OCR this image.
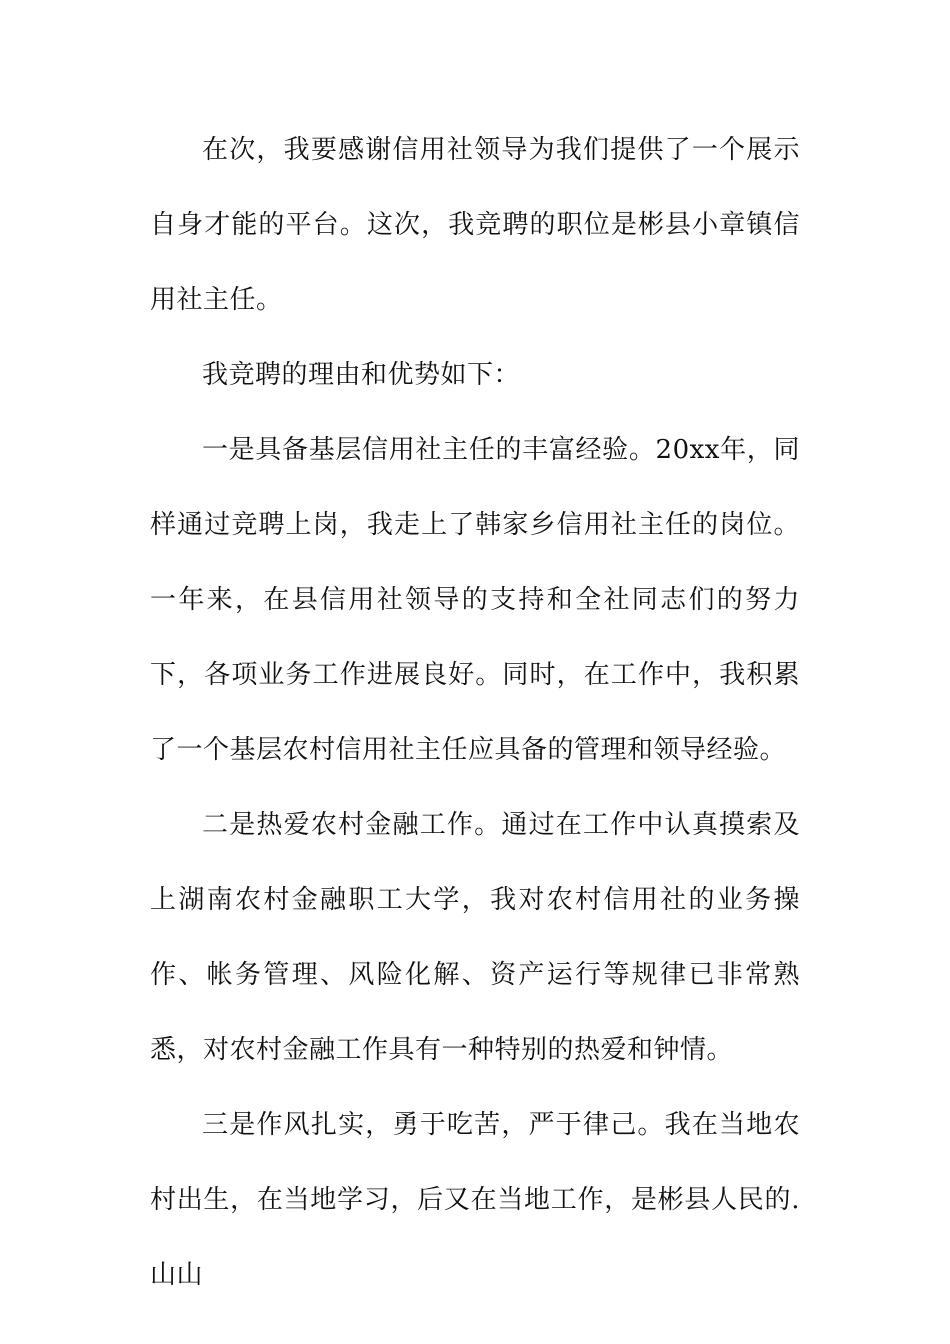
在次，我要感谢信用社领导为我们提供了一个展示自身才能的平台。这次，我竞聘的职位是彬县小章镇信用社主任。

我竞聘的理由和优势如下：

一是具备基层信用社主任的丰富经验。20xx年，同样通过竞聘上岗，我走上了韩家乡信用社主任的岗位。一年来，在县信用社领导的支持和全社同志们的努力下，各项业务工作进展良好。同时，在工作中，我积累了一个基层农村信用社主任应具备的管理和领导经验。

二是热爱农村金融工作。通过在工作中认真摸索及上湖南农村金融职工大学，我对农村信用社的业务操作、帐务管理、风险化解、资产运行等规律已非常熟悉，对农村金融工作具有一种特别的热爱和钟情。

三是作风扎实，勇于吃苦，严于律己。我在当地农村出生，在当地学习，后又在当地工作，是彬县人民的.山山
